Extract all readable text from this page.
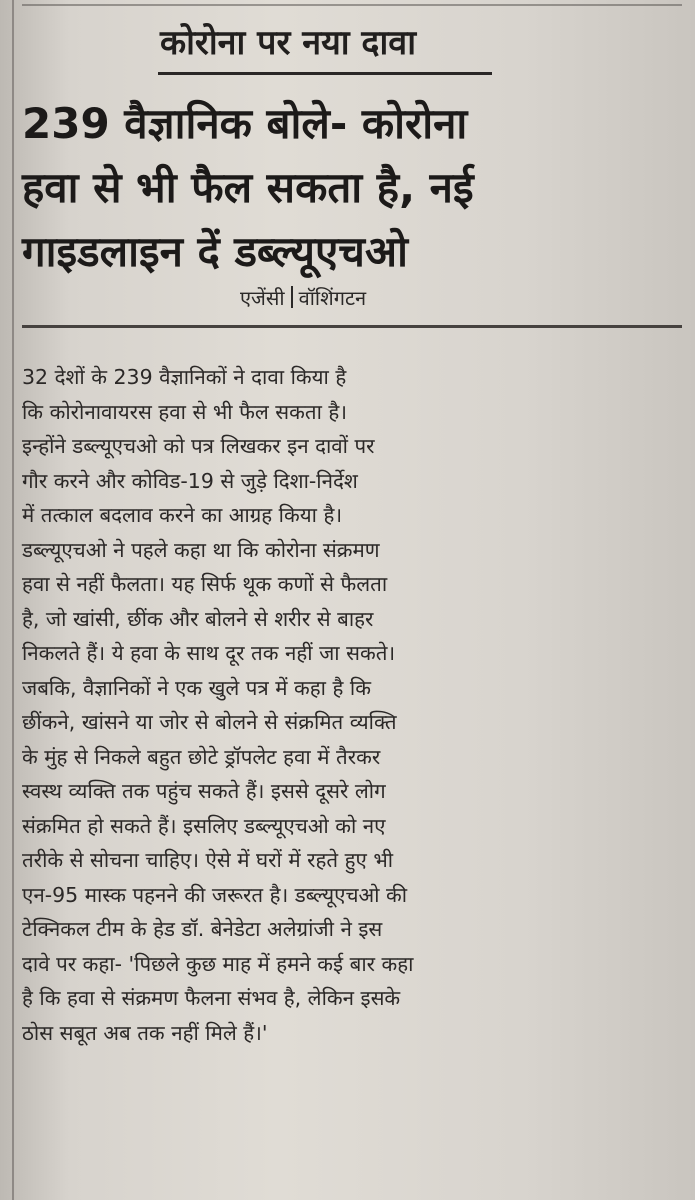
कोरोना पर नया दावा
239 वैज्ञानिक बोले- कोरोना
हवा से भी फैल सकता है, नई
गाइडलाइन दें डब्ल्यूएचओ
एजेंसी वॉशिंगटन
32 देशों के 239 वैज्ञानिकों ने दावा किया है
कि कोरोनावायरस हवा से भी फैल सकता है।
इन्होंने डब्ल्यूएचओ को पत्र लिखकर इन दावों पर
गौर करने और कोविड-19 से जुड़े दिशा-निर्देश
में तत्काल बदलाव करने का आग्रह किया है।
डब्ल्यूएचओ ने पहले कहा था कि कोरोना संक्रमण
हवा से नहीं फैलता। यह सिर्फ थूक कणों से फैलता
है, जो खांसी, छींक और बोलने से शरीर से बाहर
निकलते हैं। ये हवा के साथ दूर तक नहीं जा सकते।
जबकि, वैज्ञानिकों ने एक खुले पत्र में कहा है कि
छींकने, खांसने या जोर से बोलने से संक्रमित व्यक्ति
के मुंह से निकले बहुत छोटे ड्रॉपलेट हवा में तैरकर
स्वस्थ व्यक्ति तक पहुंच सकते हैं। इससे दूसरे लोग
संक्रमित हो सकते हैं। इसलिए डब्ल्यूएचओ को नए
तरीके से सोचना चाहिए। ऐसे में घरों में रहते हुए भी
एन-95 मास्क पहनने की जरूरत है। डब्ल्यूएचओ की
टेक्निकल टीम के हेड डॉ. बेनेडेटा अलेग्रांजी ने इस
दावे पर कहा- 'पिछले कुछ माह में हमने कई बार कहा
है कि हवा से संक्रमण फैलना संभव है, लेकिन इसके
ठोस सबूत अब तक नहीं मिले हैं।'
